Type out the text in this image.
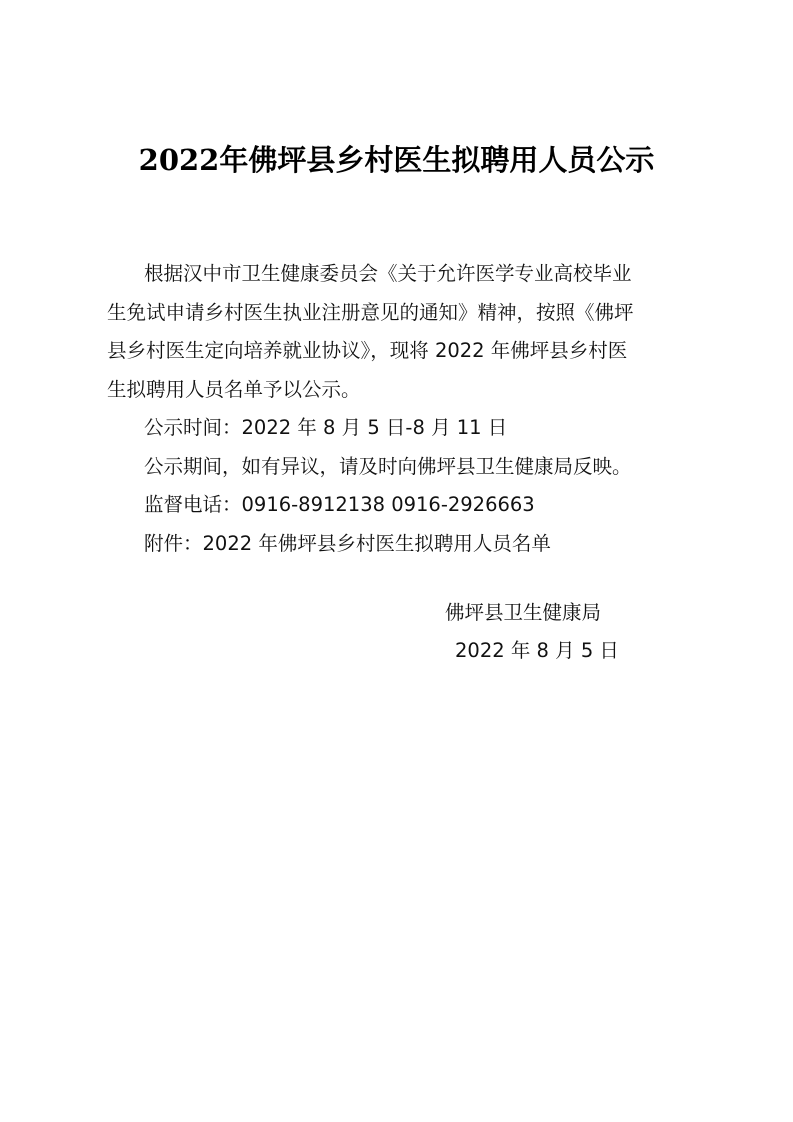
2022年佛坪县乡村医生拟聘用人员公示
根据汉中市卫生健康委员会《关于允许医学专业高校毕业
生免试申请乡村医生执业注册意见的通知》精神，按照《佛坪
县乡村医生定向培养就业协议》，现将 2022 年佛坪县乡村医
生拟聘用人员名单予以公示。
公示时间：2022 年 8 月 5 日-8 月 11 日
公示期间，如有异议，请及时向佛坪县卫生健康局反映。
监督电话：0916-8912138 0916-2926663
附件：2022 年佛坪县乡村医生拟聘用人员名单
佛坪县卫生健康局
2022 年 8 月 5 日
